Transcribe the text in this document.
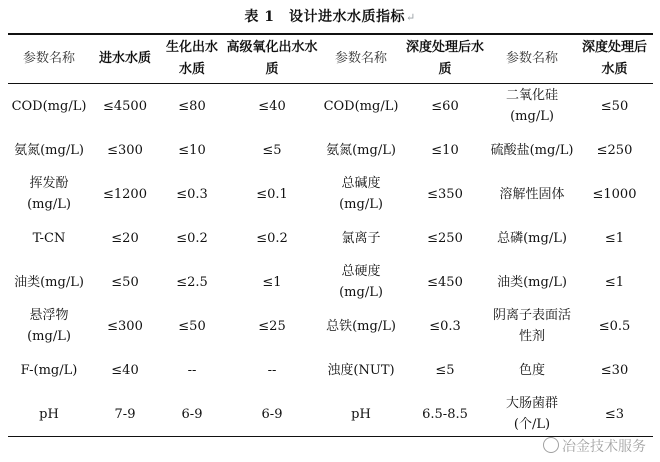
表 1　设计进水水质指标↵
参数名称	进水水质	生化出水水质	高级氧化出水水质	参数名称	深度处理后水质	参数名称	深度处理后水质
COD(mg/L)	≤4500	≤80	≤40	COD(mg/L)	≤60	二氧化硅(mg/L)	≤50
氨氮(mg/L)	≤300	≤10	≤5	氨氮(mg/L)	≤10	硫酸盐(mg/L)	≤250
挥发酚(mg/L)	≤1200	≤0.3	≤0.1	总碱度(mg/L)	≤350	溶解性固体	≤1000
T-CN	≤20	≤0.2	≤0.2	氯离子	≤250	总磷(mg/L)	≤1
油类(mg/L)	≤50	≤2.5	≤1	总硬度(mg/L)	≤450	油类(mg/L)	≤1
悬浮物(mg/L)	≤300	≤50	≤25	总铁(mg/L)	≤0.3	阴离子表面活性剂	≤0.5
F-(mg/L)	≤40	--	--	浊度(NUT)	≤5	色度	≤30
pH	7-9	6-9	6-9	pH	6.5-8.5	大肠菌群(个/L)	≤3
冶金技术服务
